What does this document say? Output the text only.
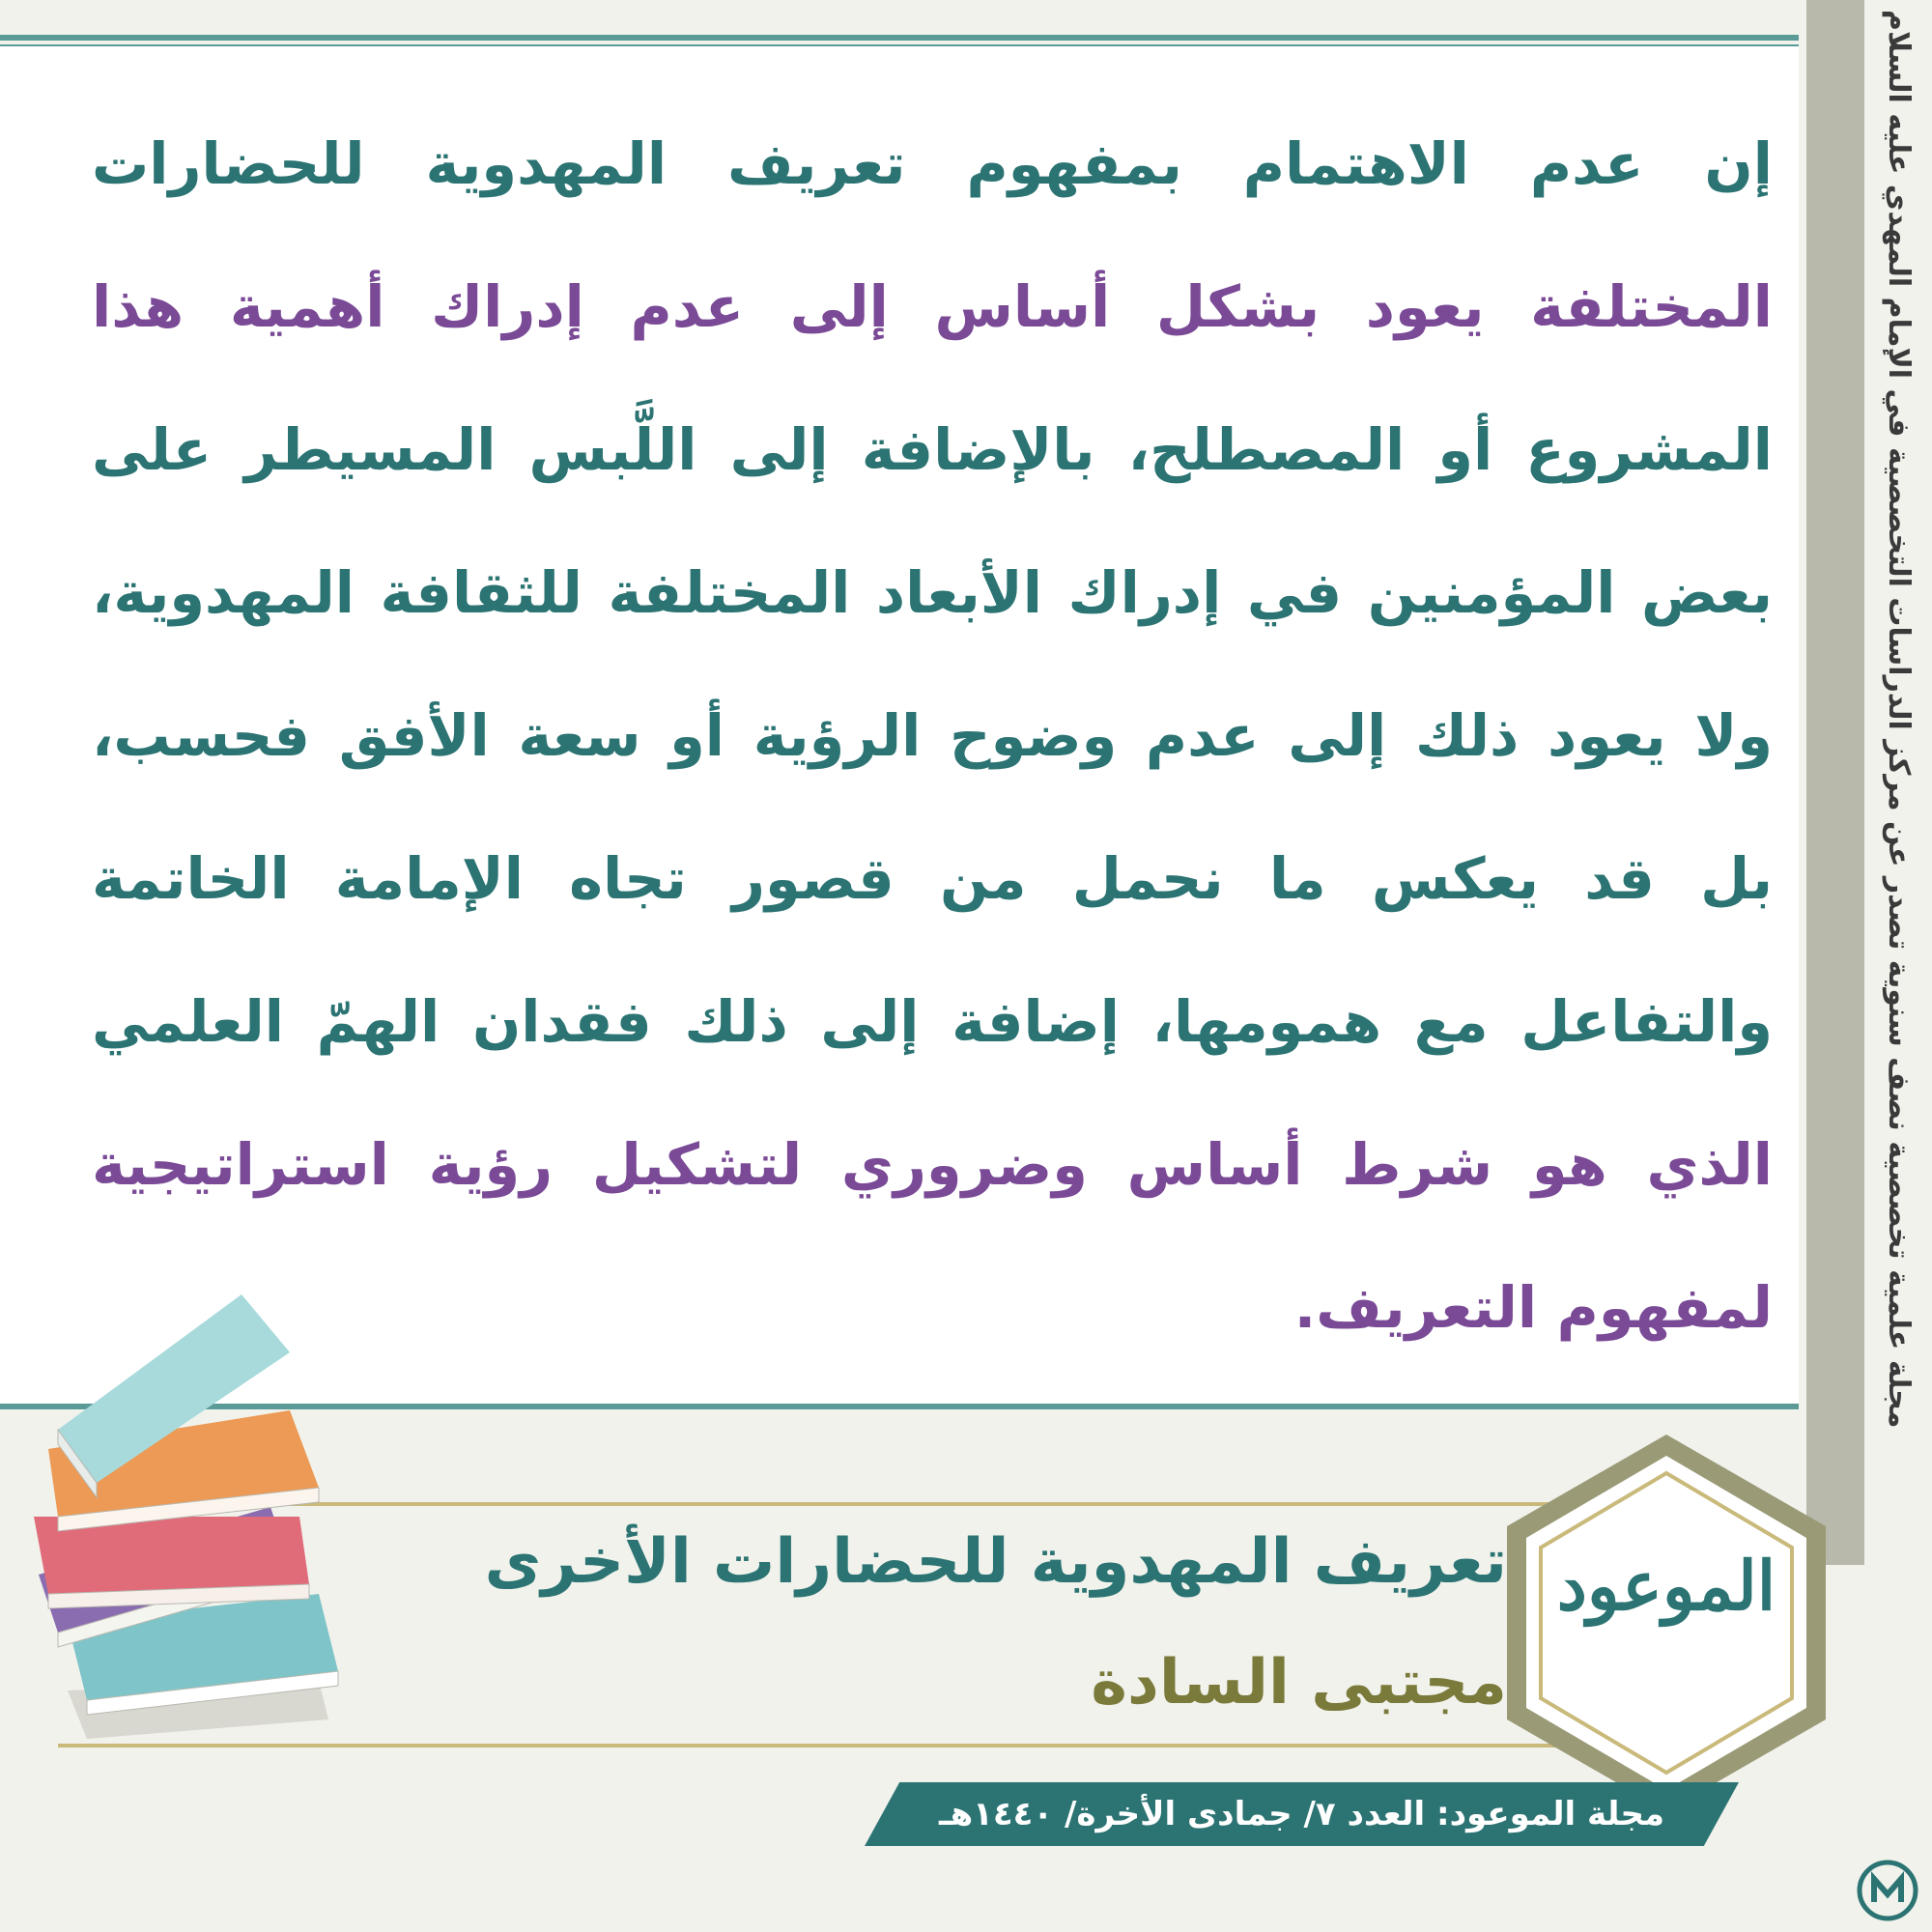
مجلة علمية تخصصية نصف سنوية تصدر عن مركز الدراسات التخصصية في الإمام المهدي عليه السلام
إن عدم الاهتمام بمفهوم تعريف المهدوية للحضارات المختلفة يعود بشكل أساس إلى عدم إدراك أهمية هذا المشروع أو المصطلح، بالإضافة إلى اللَّبس المسيطر على بعض المؤمنين في إدراك الأبعاد المختلفة للثقافة المهدوية، ولا يعود ذلك إلى عدم وضوح الرؤية أو سعة الأفق فحسب، بل قد يعكس ما نحمل من قصور تجاه الإمامة الخاتمة والتفاعل مع همومها، إضافة إلى ذلك فقدان الهمّ العلمي الذي هو شرط أساس وضروري لتشكيل رؤية استراتيجية لمفهوم التعريف.
تعريف المهدوية للحضارات الأخرى
مجتبى السادة
الموعود
مجلة الموعود: العدد ٧/ جمادى الأخرة/ ١٤٤٠هـ
